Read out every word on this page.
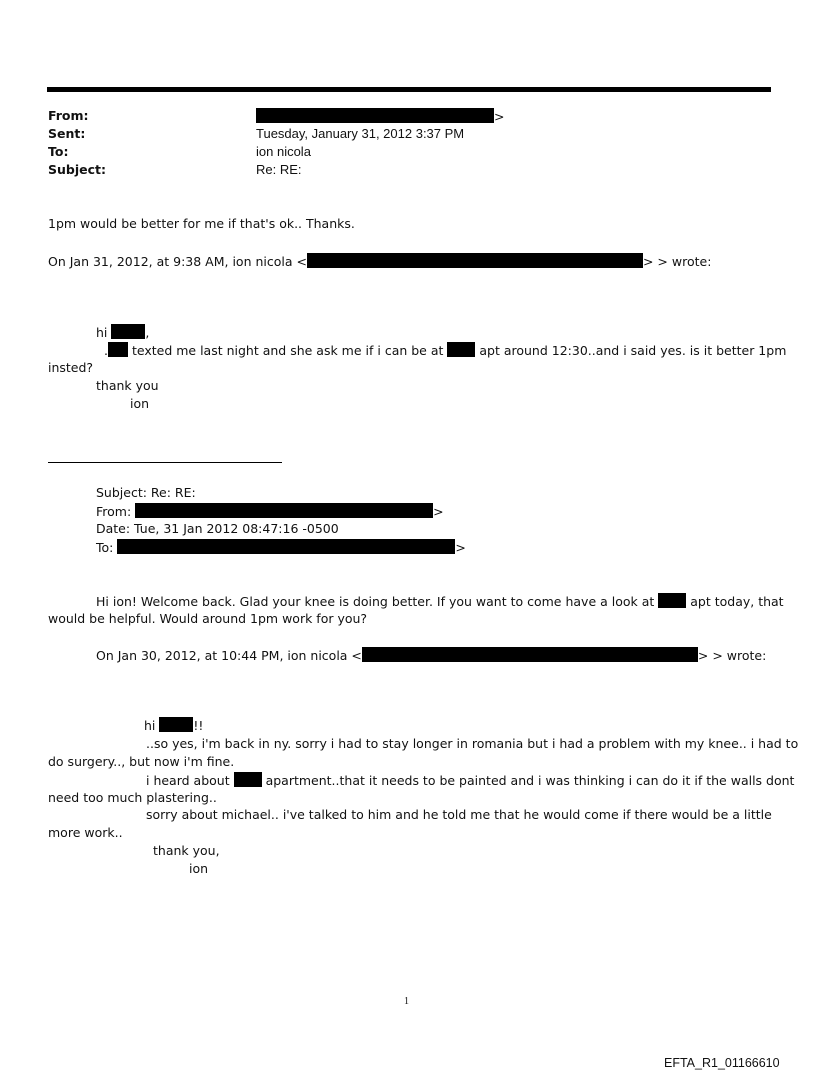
From:	>
Sent:	Tuesday, January 31, 2012 3:37 PM
To:	ion nicola
Subject:	Re: RE:
1pm would be better for me if that's ok.. Thanks.
On Jan 31, 2012, at 9:38 AM, ion nicola <	> > wrote:
hi	,
. texted me last night and she ask me if i can be at  apt around 12:30..and i said yes. is it better 1pm
insted?
thank you
ion
Subject: Re: RE:
From:	>
Date: Tue, 31 Jan 2012 08:47:16 -0500
To:	>
Hi ion! Welcome back. Glad your knee is doing better. If you want to come have a look at  apt today, that
would be helpful. Would around 1pm work for you?
On Jan 30, 2012, at 10:44 PM, ion nicola <	> > wrote:
hi	!!
..so yes, i'm back in ny. sorry i had to stay longer in romania but i had a problem with my knee.. i had to
do surgery.., but now i'm fine.
i heard about  apartment..that it needs to be painted and i was thinking i can do it if the walls dont
need too much plastering..
sorry about michael.. i've talked to him and he told me that he would come if there would be a little
more work..
thank you,
ion
1
EFTA_R1_01166610
